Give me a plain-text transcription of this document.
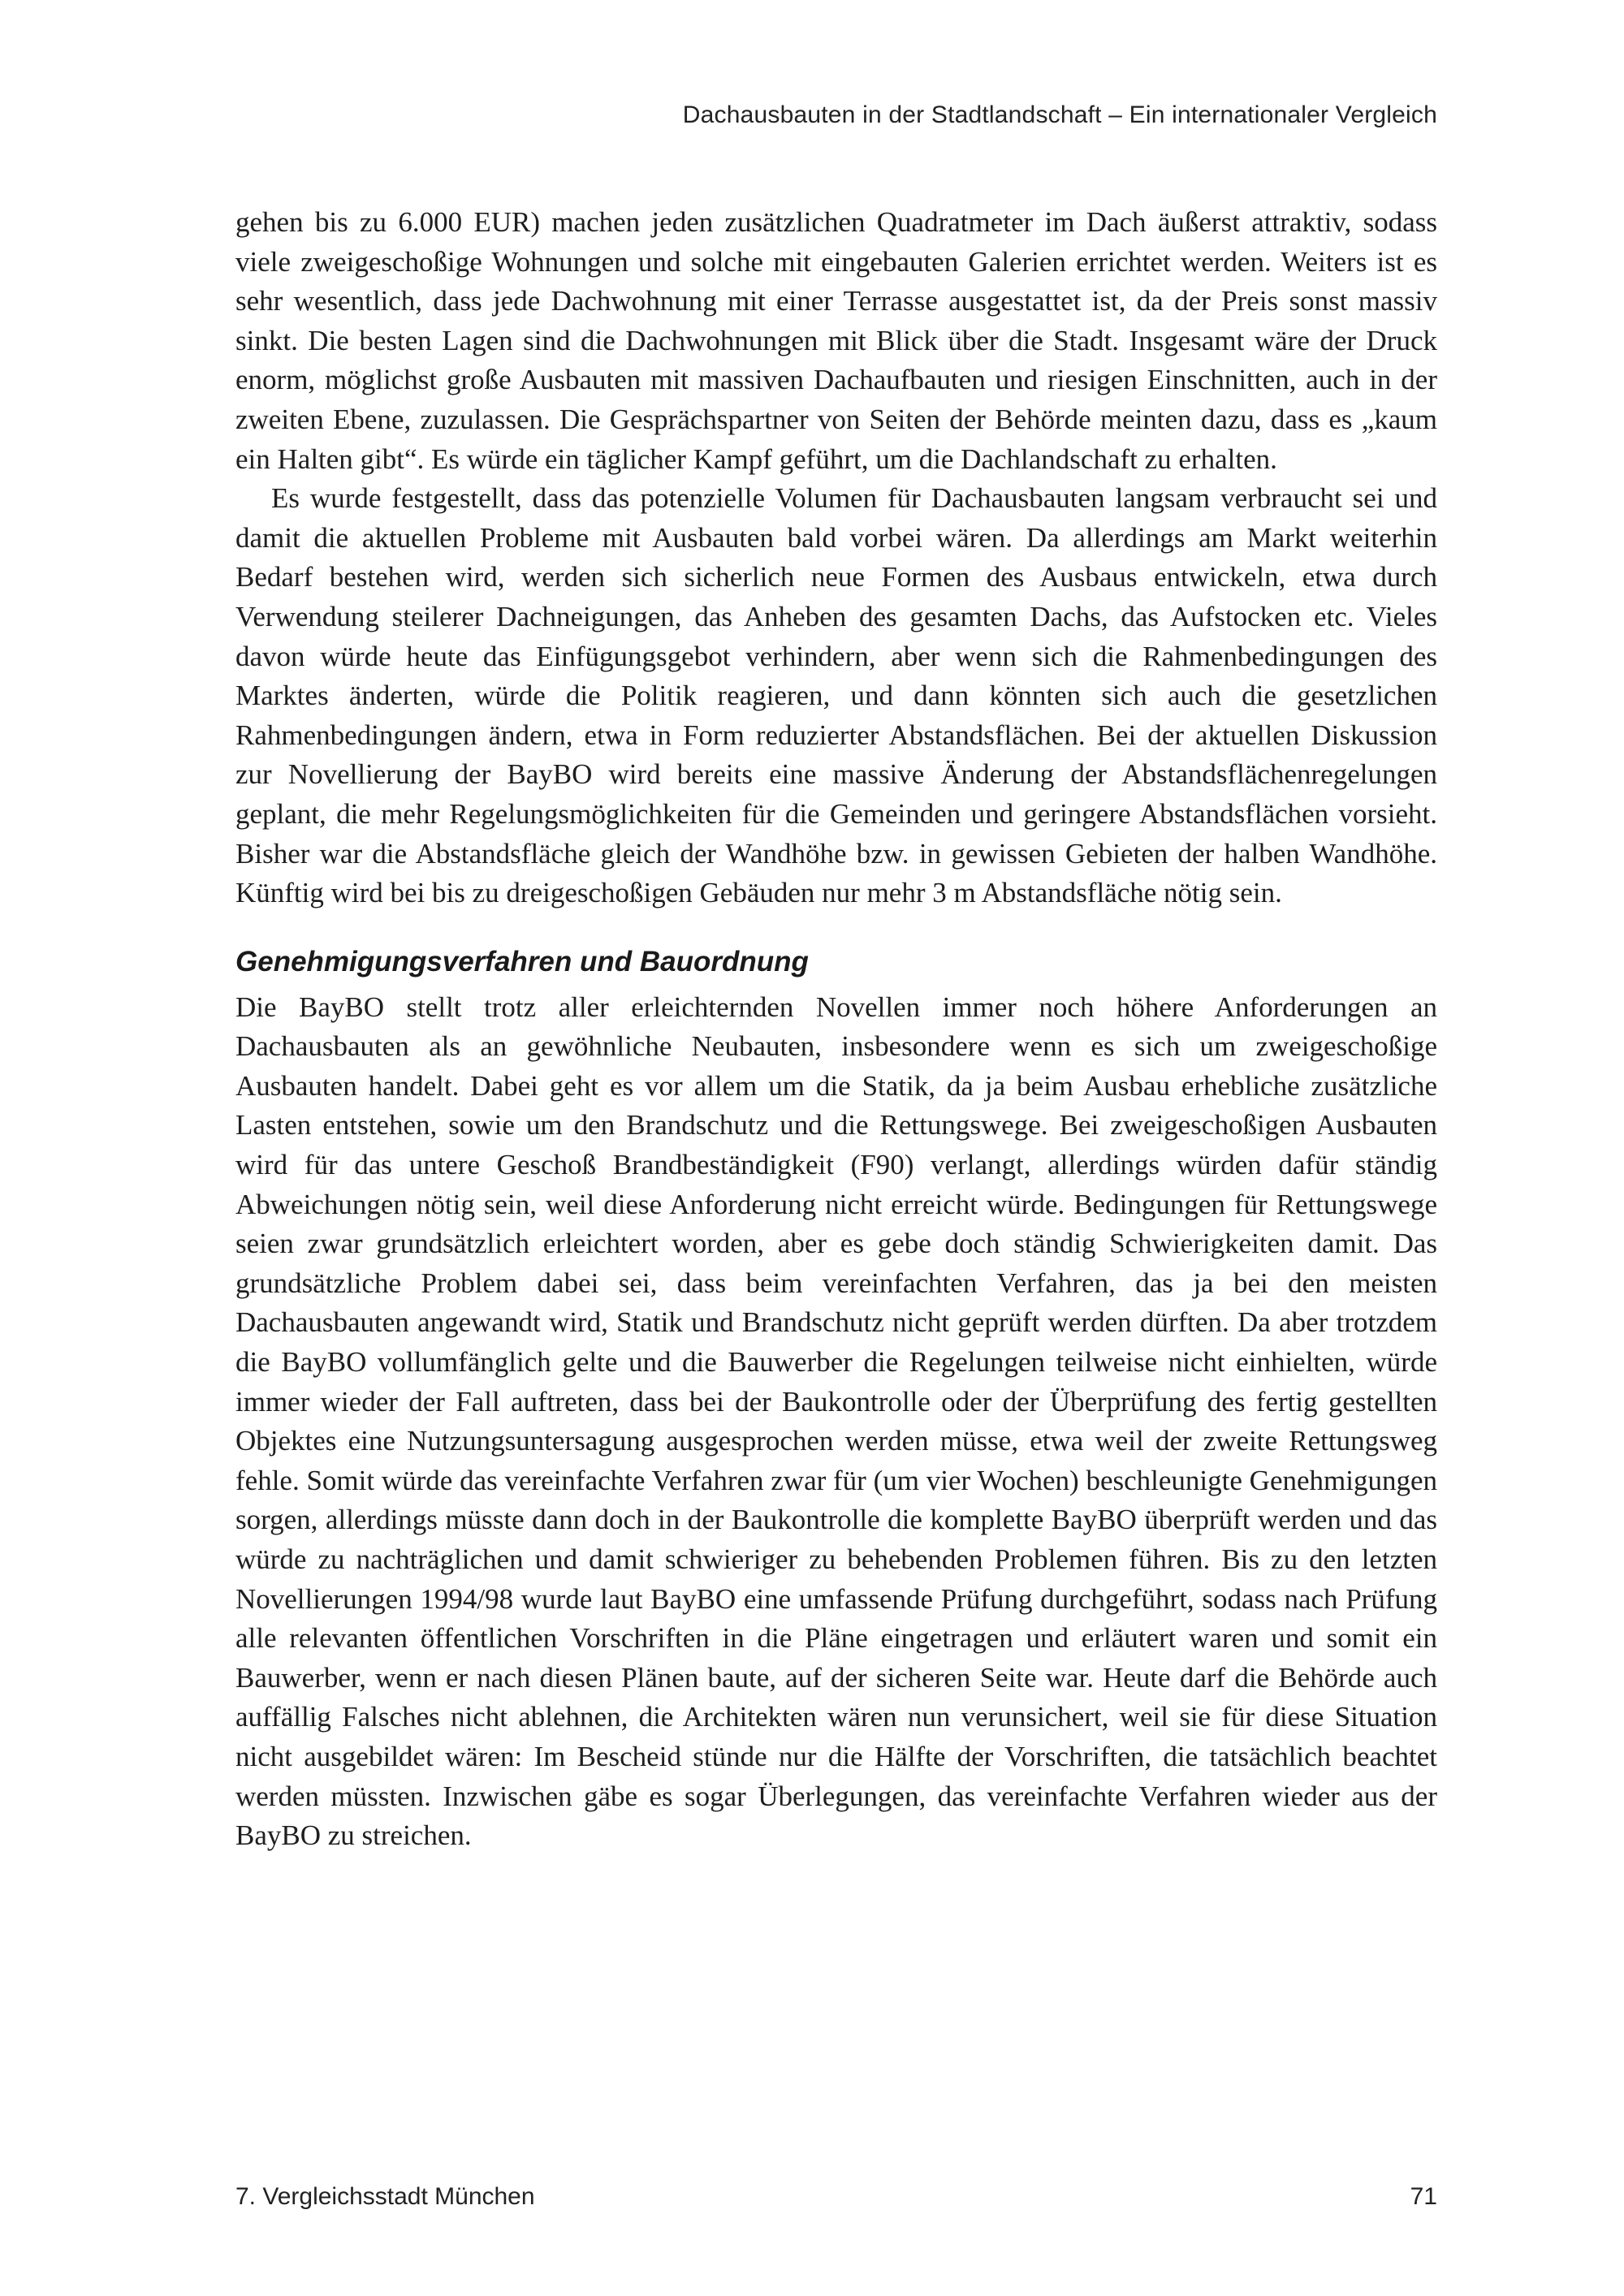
Dachausbauten in der Stadtlandschaft – Ein internationaler Vergleich

gehen bis zu 6.000 EUR) machen jeden zusätzlichen Quadratmeter im Dach äußerst attraktiv, sodass viele zweigeschoßige Wohnungen und solche mit eingebauten Galerien errichtet werden. Weiters ist es sehr wesentlich, dass jede Dachwohnung mit einer Terrasse ausgestattet ist, da der Preis sonst massiv sinkt. Die besten Lagen sind die Dachwohnungen mit Blick über die Stadt. Insgesamt wäre der Druck enorm, möglichst große Ausbauten mit massiven Dachaufbauten und riesigen Einschnitten, auch in der zweiten Ebene, zuzulassen. Die Gesprächspartner von Seiten der Behörde meinten dazu, dass es „kaum ein Halten gibt“. Es würde ein täglicher Kampf geführt, um die Dachlandschaft zu erhalten.

Es wurde festgestellt, dass das potenzielle Volumen für Dachausbauten langsam verbraucht sei und damit die aktuellen Probleme mit Ausbauten bald vorbei wären. Da allerdings am Markt weiterhin Bedarf bestehen wird, werden sich sicherlich neue Formen des Ausbaus entwickeln, etwa durch Verwendung steilerer Dachneigungen, das Anheben des gesamten Dachs, das Aufstocken etc. Vieles davon würde heute das Einfügungsgebot verhindern, aber wenn sich die Rahmenbedingungen des Marktes änderten, würde die Politik reagieren, und dann könnten sich auch die gesetzlichen Rahmenbedingungen ändern, etwa in Form reduzierter Abstandsflächen. Bei der aktuellen Diskussion zur Novellierung der BayBO wird bereits eine massive Änderung der Abstandsflächenregelungen geplant, die mehr Regelungsmöglichkeiten für die Gemeinden und geringere Abstandsflächen vorsieht. Bisher war die Abstandsfläche gleich der Wandhöhe bzw. in gewissen Gebieten der halben Wandhöhe. Künftig wird bei bis zu dreigeschoßigen Gebäuden nur mehr 3 m Abstandsfläche nötig sein.

Genehmigungsverfahren und Bauordnung

Die BayBO stellt trotz aller erleichternden Novellen immer noch höhere Anforderungen an Dachausbauten als an gewöhnliche Neubauten, insbesondere wenn es sich um zweigeschoßige Ausbauten handelt. Dabei geht es vor allem um die Statik, da ja beim Ausbau erhebliche zusätzliche Lasten entstehen, sowie um den Brandschutz und die Rettungswege. Bei zweigeschoßigen Ausbauten wird für das untere Geschoß Brandbeständigkeit (F90) verlangt, allerdings würden dafür ständig Abweichungen nötig sein, weil diese Anforderung nicht erreicht würde. Bedingungen für Rettungswege seien zwar grundsätzlich erleichtert worden, aber es gebe doch ständig Schwierigkeiten damit. Das grundsätzliche Problem dabei sei, dass beim vereinfachten Verfahren, das ja bei den meisten Dachausbauten angewandt wird, Statik und Brandschutz nicht geprüft werden dürften. Da aber trotzdem die BayBO vollumfänglich gelte und die Bauwerber die Regelungen teilweise nicht einhielten, würde immer wieder der Fall auftreten, dass bei der Baukontrolle oder der Überprüfung des fertig gestellten Objektes eine Nutzungsuntersagung ausgesprochen werden müsse, etwa weil der zweite Rettungsweg fehle. Somit würde das vereinfachte Verfahren zwar für (um vier Wochen) beschleunigte Genehmigungen sorgen, allerdings müsste dann doch in der Baukontrolle die komplette BayBO überprüft werden und das würde zu nachträglichen und damit schwieriger zu behebenden Problemen führen. Bis zu den letzten Novellierungen 1994/98 wurde laut BayBO eine umfassende Prüfung durchgeführt, sodass nach Prüfung alle relevanten öffentlichen Vorschriften in die Pläne eingetragen und erläutert waren und somit ein Bauwerber, wenn er nach diesen Plänen baute, auf der sicheren Seite war. Heute darf die Behörde auch auffällig Falsches nicht ablehnen, die Architekten wären nun verunsichert, weil sie für diese Situation nicht ausgebildet wären: Im Bescheid stünde nur die Hälfte der Vorschriften, die tatsächlich beachtet werden müssten. Inzwischen gäbe es sogar Überlegungen, das vereinfachte Verfahren wieder aus der BayBO zu streichen.

7. Vergleichsstadt München	71
